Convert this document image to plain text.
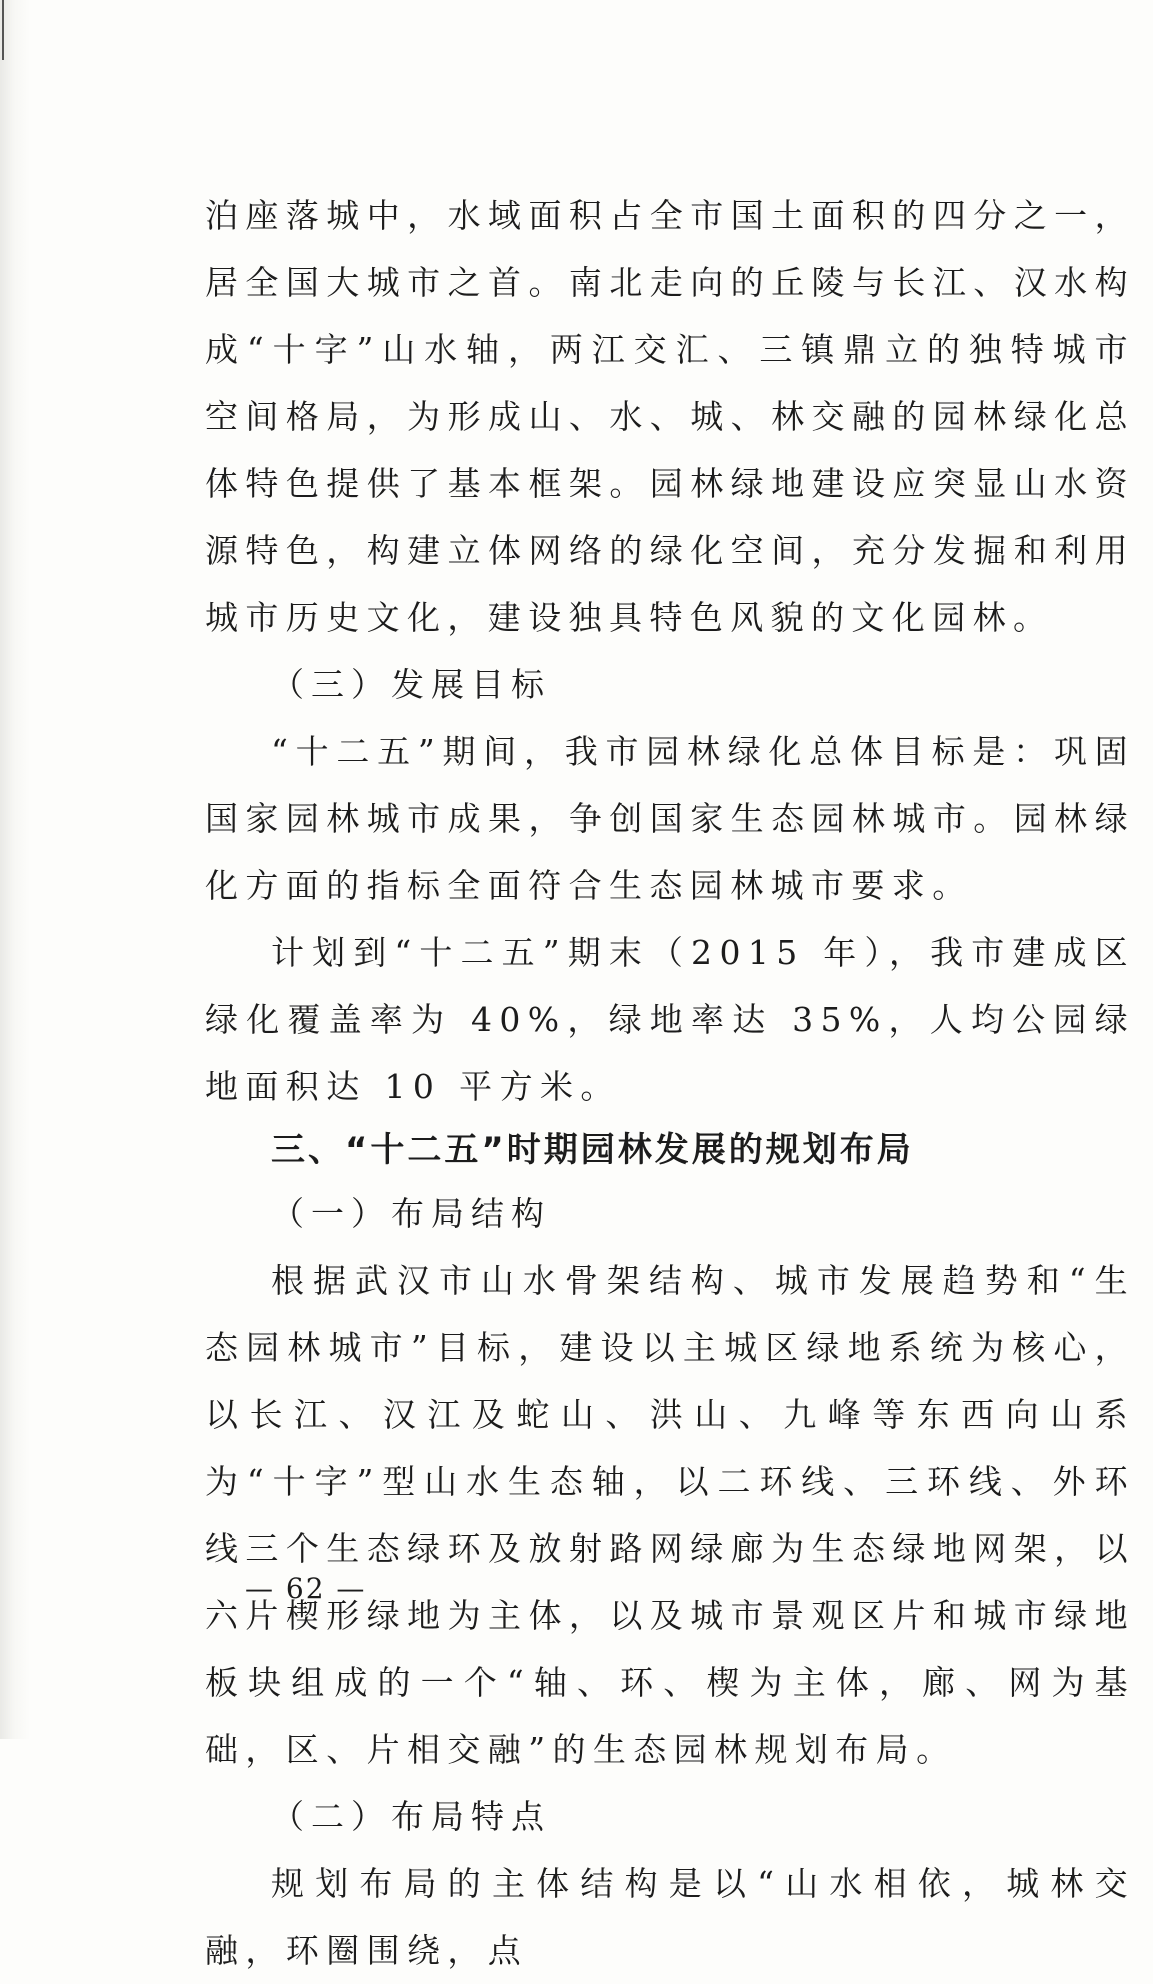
泊座落城中，水域面积占全市国土面积的四分之一，居全国大城市之首。南北走向的丘陵与长江、汉水构成“十字”山水轴，两江交汇、三镇鼎立的独特城市空间格局，为形成山、水、城、林交融的园林绿化总体特色提供了基本框架。园林绿地建设应突显山水资源特色，构建立体网络的绿化空间，充分发掘和利用城市历史文化，建设独具特色风貌的文化园林。

（三）发展目标

“十二五”期间，我市园林绿化总体目标是：巩固国家园林城市成果，争创国家生态园林城市。园林绿化方面的指标全面符合生态园林城市要求。

计划到“十二五”期末（2015 年），我市建成区绿化覆盖率为 40%，绿地率达 35%，人均公园绿地面积达 10 平方米。

三、“十二五”时期园林发展的规划布局

（一）布局结构

根据武汉市山水骨架结构、城市发展趋势和“生态园林城市”目标，建设以主城区绿地系统为核心，以长江、汉江及蛇山、洪山、九峰等东西向山系为“十字”型山水生态轴，以二环线、三环线、外环线三个生态绿环及放射路网绿廊为生态绿地网架，以六片楔形绿地为主体，以及城市景观区片和城市绿地板块组成的一个“轴、环、楔为主体，廊、网为基础，区、片相交融”的生态园林规划布局。

（二）布局特点

规划布局的主体结构是以“山水相依，城林交融，环圈围绕，点

— 62 —
